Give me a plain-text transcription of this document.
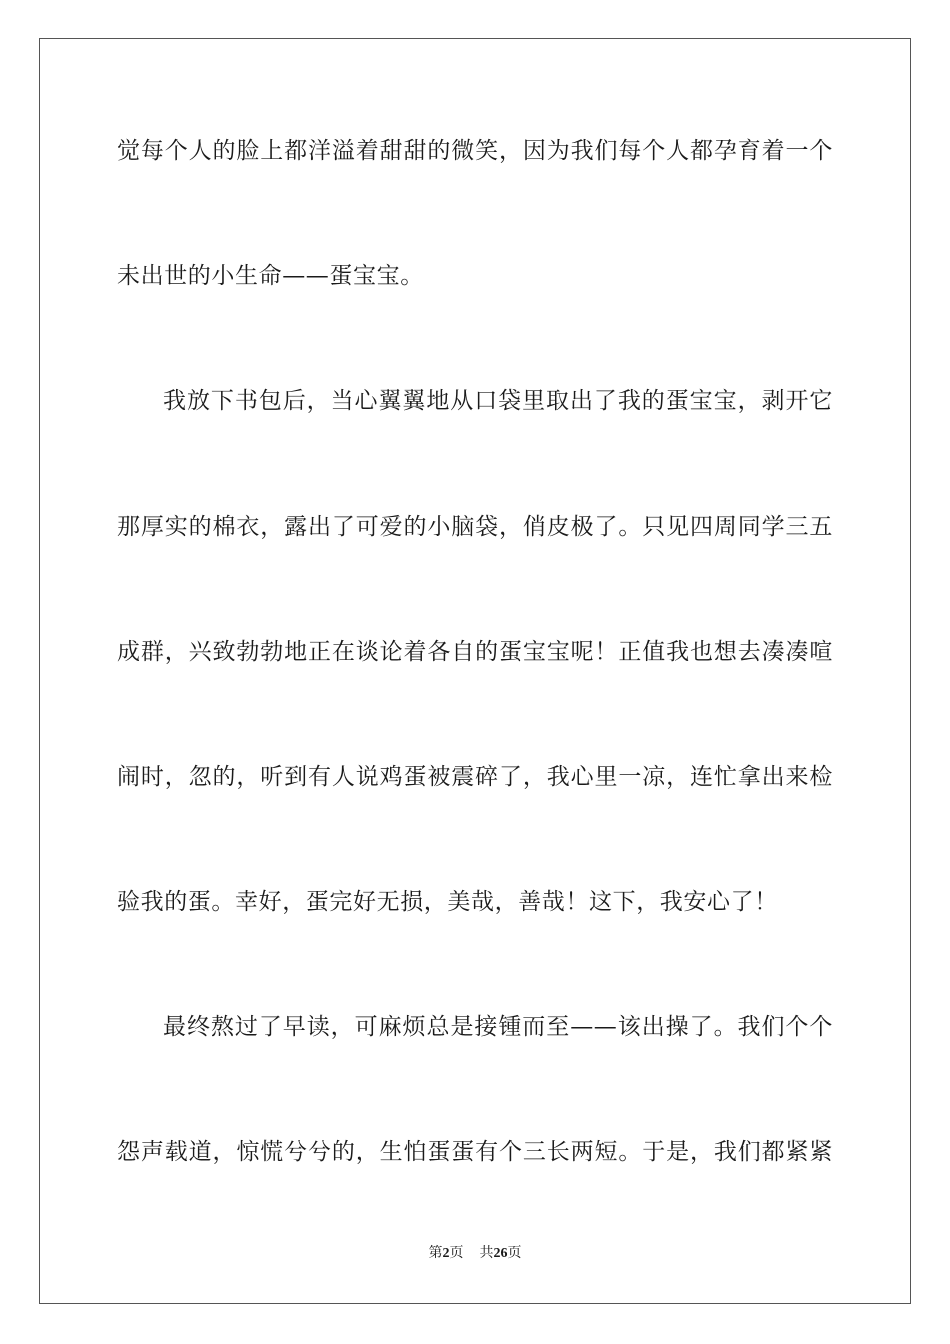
觉每个人的脸上都洋溢着甜甜的微笑，因为我们每个人都孕育着一个
未出世的小生命——蛋宝宝。
我放下书包后，当心翼翼地从口袋里取出了我的蛋宝宝，剥开它
那厚实的棉衣，露出了可爱的小脑袋，俏皮极了。只见四周同学三五
成群，兴致勃勃地正在谈论着各自的蛋宝宝呢！正值我也想去凑凑喧
闹时，忽的，听到有人说鸡蛋被震碎了，我心里一凉，连忙拿出来检
验我的蛋。幸好，蛋完好无损，美哉，善哉！这下，我安心了！
最终熬过了早读，可麻烦总是接锺而至——该出操了。我们个个
怨声载道，惊慌兮兮的，生怕蛋蛋有个三长两短。于是，我们都紧紧
第2页 共26页
